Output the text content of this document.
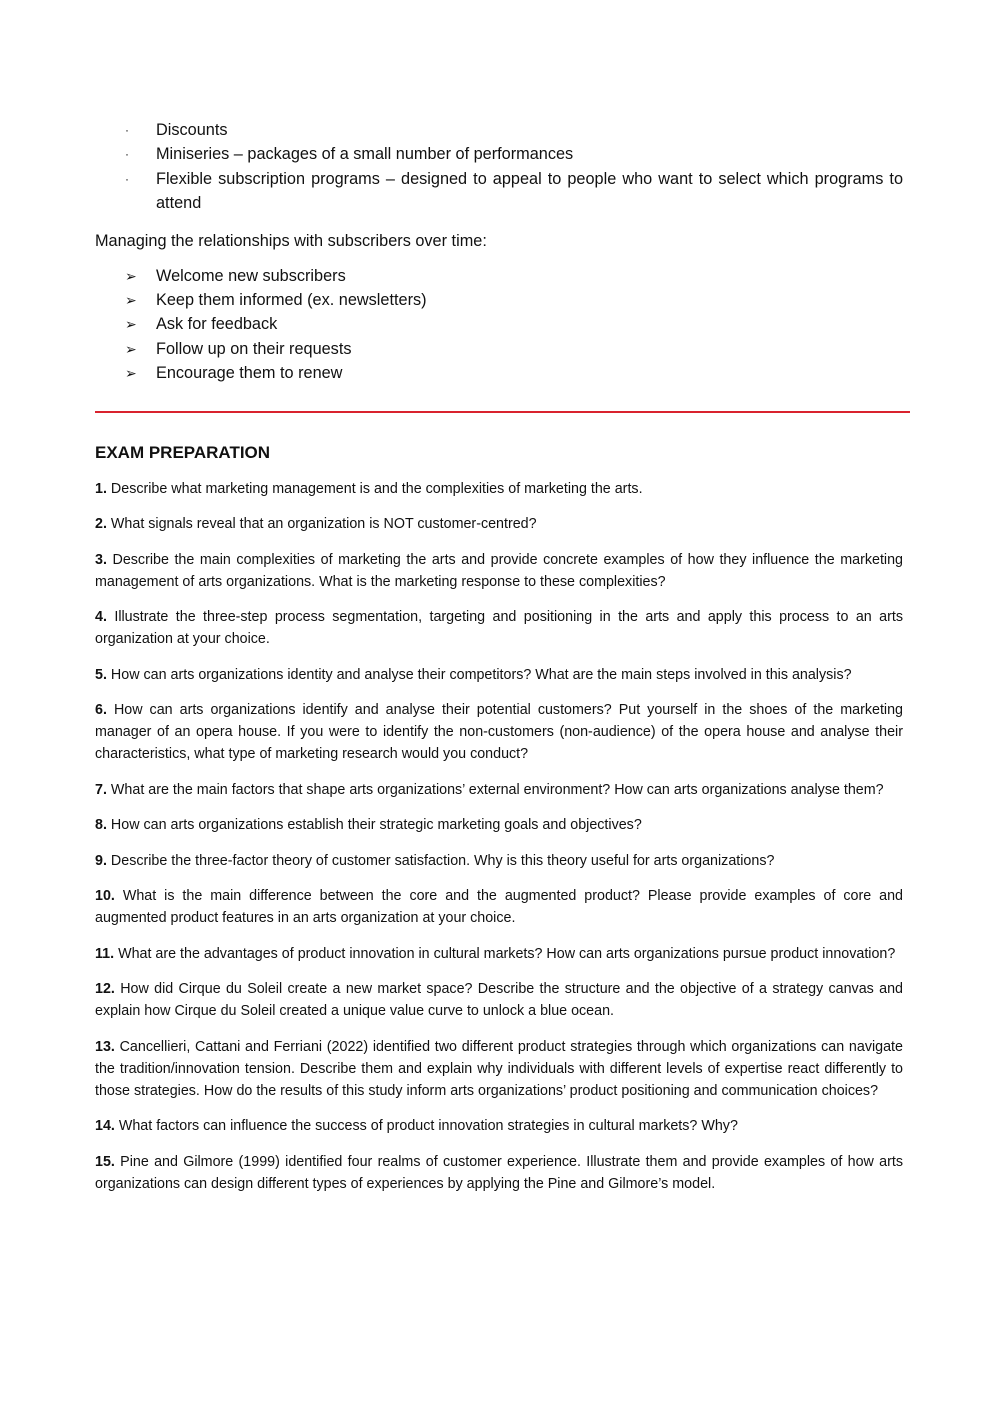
· Discounts
· Miniseries – packages of a small number of performances
· Flexible subscription programs – designed to appeal to people who want to select which programs to attend

Managing the relationships with subscribers over time:

➢ Welcome new subscribers
➢ Keep them informed (ex. newsletters)
➢ Ask for feedback
➢ Follow up on their requests
➢ Encourage them to renew
EXAM PREPARATION

1. Describe what marketing management is and the complexities of marketing the arts.

2. What signals reveal that an organization is NOT customer-centred?

3. Describe the main complexities of marketing the arts and provide concrete examples of how they influence the marketing management of arts organizations. What is the marketing response to these complexities?

4. Illustrate the three-step process segmentation, targeting and positioning in the arts and apply this process to an arts organization at your choice.

5. How can arts organizations identity and analyse their competitors? What are the main steps involved in this analysis?

6. How can arts organizations identify and analyse their potential customers? Put yourself in the shoes of the marketing manager of an opera house. If you were to identify the non-customers (non-audience) of the opera house and analyse their characteristics, what type of marketing research would you conduct?

7. What are the main factors that shape arts organizations’ external environment? How can arts organizations analyse them?

8. How can arts organizations establish their strategic marketing goals and objectives?

9. Describe the three-factor theory of customer satisfaction. Why is this theory useful for arts organizations?

10. What is the main difference between the core and the augmented product? Please provide examples of core and augmented product features in an arts organization at your choice.

11. What are the advantages of product innovation in cultural markets? How can arts organizations pursue product innovation?

12. How did Cirque du Soleil create a new market space? Describe the structure and the objective of a strategy canvas and explain how Cirque du Soleil created a unique value curve to unlock a blue ocean.

13. Cancellieri, Cattani and Ferriani (2022) identified two different product strategies through which organizations can navigate the tradition/innovation tension. Describe them and explain why individuals with different levels of expertise react differently to those strategies. How do the results of this study inform arts organizations’ product positioning and communication choices?

14. What factors can influence the success of product innovation strategies in cultural markets? Why?

15. Pine and Gilmore (1999) identified four realms of customer experience. Illustrate them and provide examples of how arts organizations can design different types of experiences by applying the Pine and Gilmore’s model.
